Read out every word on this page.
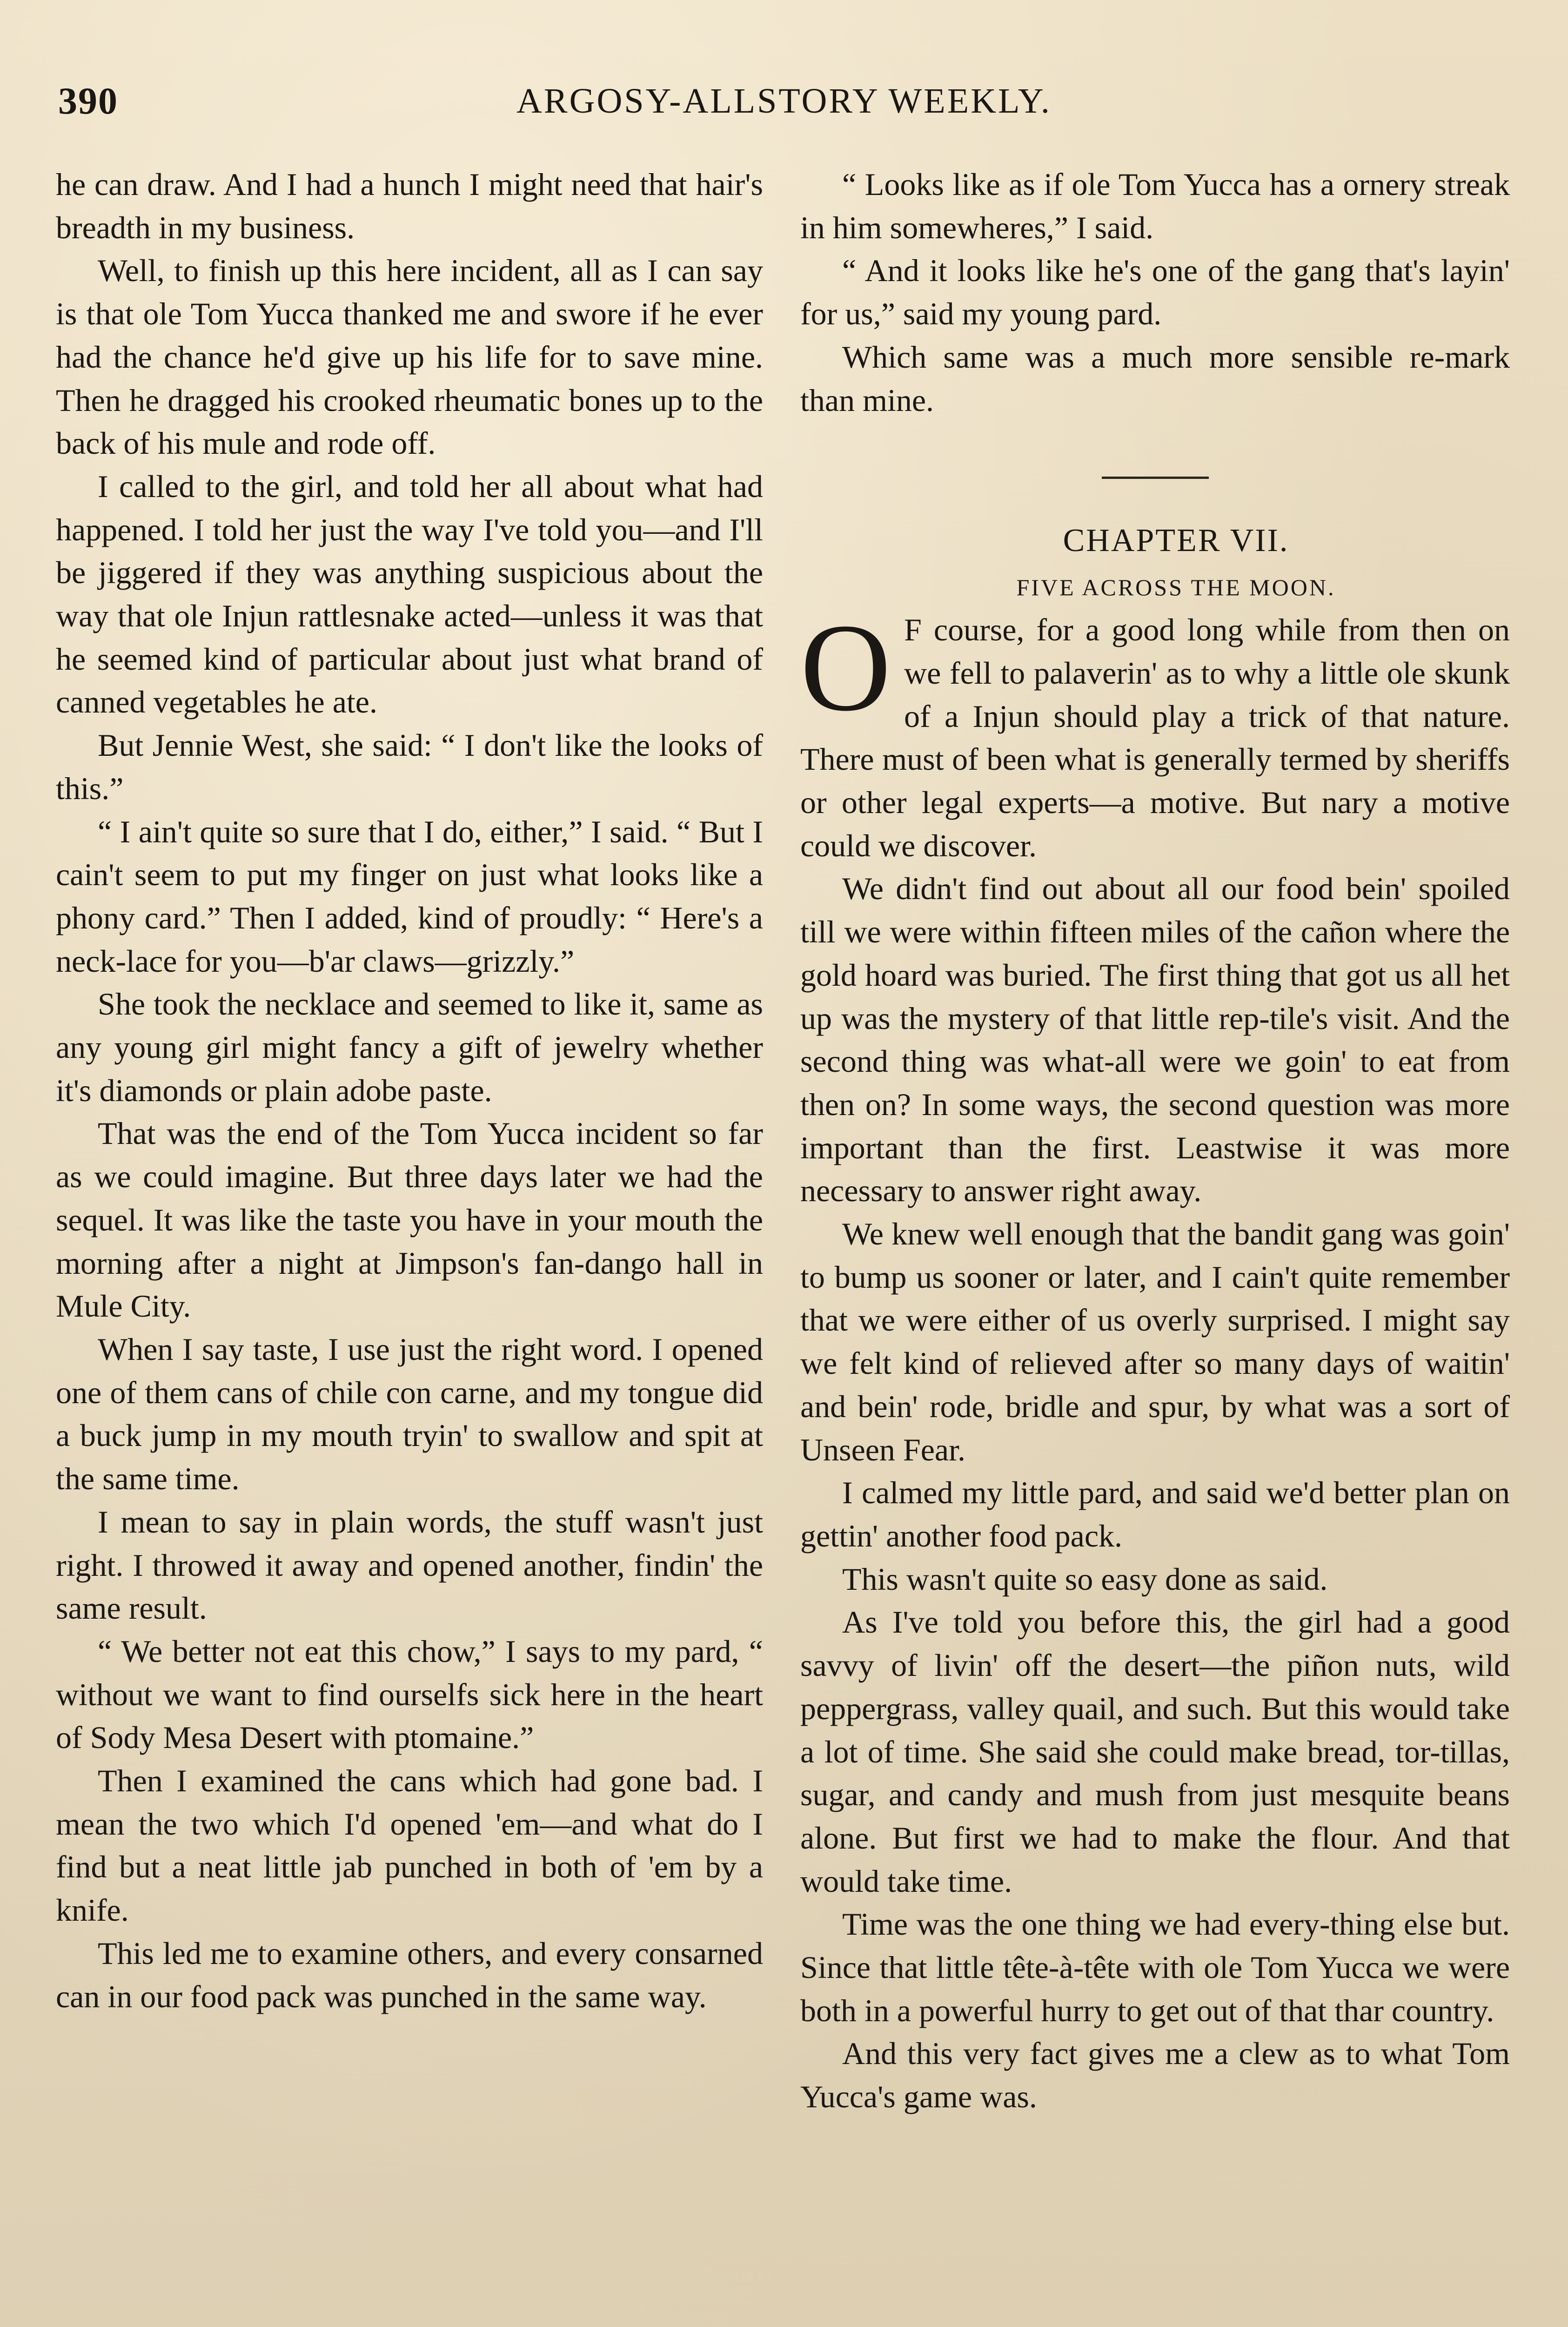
390	ARGOSY-ALLSTORY WEEKLY.

he can draw. And I had a hunch I might need that hair's breadth in my business.

Well, to finish up this here incident, all as I can say is that ole Tom Yucca thanked me and swore if he ever had the chance he'd give up his life for to save mine. Then he dragged his crooked rheumatic bones up to the back of his mule and rode off.

I called to the girl, and told her all about what had happened. I told her just the way I've told you—and I'll be jiggered if they was anything suspicious about the way that ole Injun rattlesnake acted—unless it was that he seemed kind of particular about just what brand of canned vegetables he ate.

But Jennie West, she said: “ I don't like the looks of this.”

“ I ain't quite so sure that I do, either,” I said. “ But I cain't seem to put my finger on just what looks like a phony card.” Then I added, kind of proudly: “ Here's a neck-lace for you—b'ar claws—grizzly.”

She took the necklace and seemed to like it, same as any young girl might fancy a gift of jewelry whether it's diamonds or plain adobe paste.

That was the end of the Tom Yucca incident so far as we could imagine. But three days later we had the sequel. It was like the taste you have in your mouth the morning after a night at Jimpson's fan-dango hall in Mule City.

When I say taste, I use just the right word. I opened one of them cans of chile con carne, and my tongue did a buck jump in my mouth tryin' to swallow and spit at the same time.

I mean to say in plain words, the stuff wasn't just right. I throwed it away and opened another, findin' the same result.

“ We better not eat this chow,” I says to my pard, “ without we want to find ourselfs sick here in the heart of Sody Mesa Desert with ptomaine.”

Then I examined the cans which had gone bad. I mean the two which I'd opened 'em—and what do I find but a neat little jab punched in both of 'em by a knife.

This led me to examine others, and every consarned can in our food pack was punched in the same way.

“ Looks like as if ole Tom Yucca has a ornery streak in him somewheres,” I said.

“ And it looks like he's one of the gang that's layin' for us,” said my young pard.

Which same was a much more sensible re-mark than mine.

CHAPTER VII.

FIVE ACROSS THE MOON.

O F course, for a good long while from then on we fell to palaverin' as to why a little ole skunk of a Injun should play a trick of that nature. There must of been what is generally termed by sheriffs or other legal experts—a motive. But nary a motive could we discover.

We didn't find out about all our food bein' spoiled till we were within fifteen miles of the cañon where the gold hoard was buried. The first thing that got us all het up was the mystery of that little rep-tile's visit. And the second thing was what-all were we goin' to eat from then on? In some ways, the second question was more important than the first. Leastwise it was more necessary to answer right away.

We knew well enough that the bandit gang was goin' to bump us sooner or later, and I cain't quite remember that we were either of us overly surprised. I might say we felt kind of relieved after so many days of waitin' and bein' rode, bridle and spur, by what was a sort of Unseen Fear.

I calmed my little pard, and said we'd better plan on gettin' another food pack.

This wasn't quite so easy done as said.

As I've told you before this, the girl had a good savvy of livin' off the desert—the piñon nuts, wild peppergrass, valley quail, and such. But this would take a lot of time. She said she could make bread, tor-tillas, sugar, and candy and mush from just mesquite beans alone. But first we had to make the flour. And that would take time.

Time was the one thing we had every-thing else but. Since that little tête-à-tête with ole Tom Yucca we were both in a powerful hurry to get out of that thar country.

And this very fact gives me a clew as to what Tom Yucca's game was.
